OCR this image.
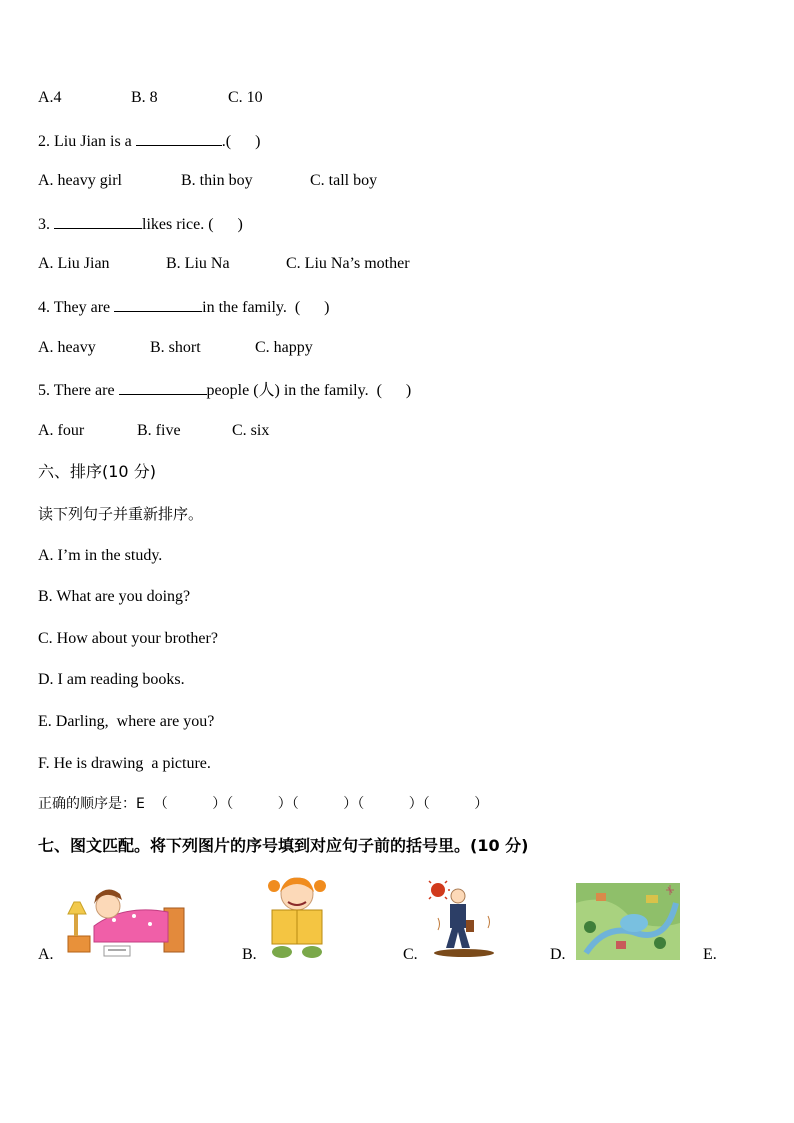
A.4	B. 8	C. 10
2. Liu Jian is a	.(      )
A. heavy girl	B. thin boy	C. tall boy
3.	likes rice. (      )
A. Liu Jian	B. Liu Na	C. Liu Na’s mother
4. They are	in the family.  (      )
A. heavy	B. short	C. happy
5. There are	people (人) in the family.  (      )
A. four	B. five	C. six
六、排序(10 分)
读下列句子并重新排序。
A. I’m in the study.
B. What are you doing?
C. How about your brother?
D. I am reading books.
E. Darling,  where are you?
F. He is drawing  a picture.
正确的顺序是：E  （          ）（          ）（          ）（          ）（          ）
七、图文匹配。将下列图片的序号填到对应句子前的括号里。(10 分)
A.	B.	C.	D.	E.
